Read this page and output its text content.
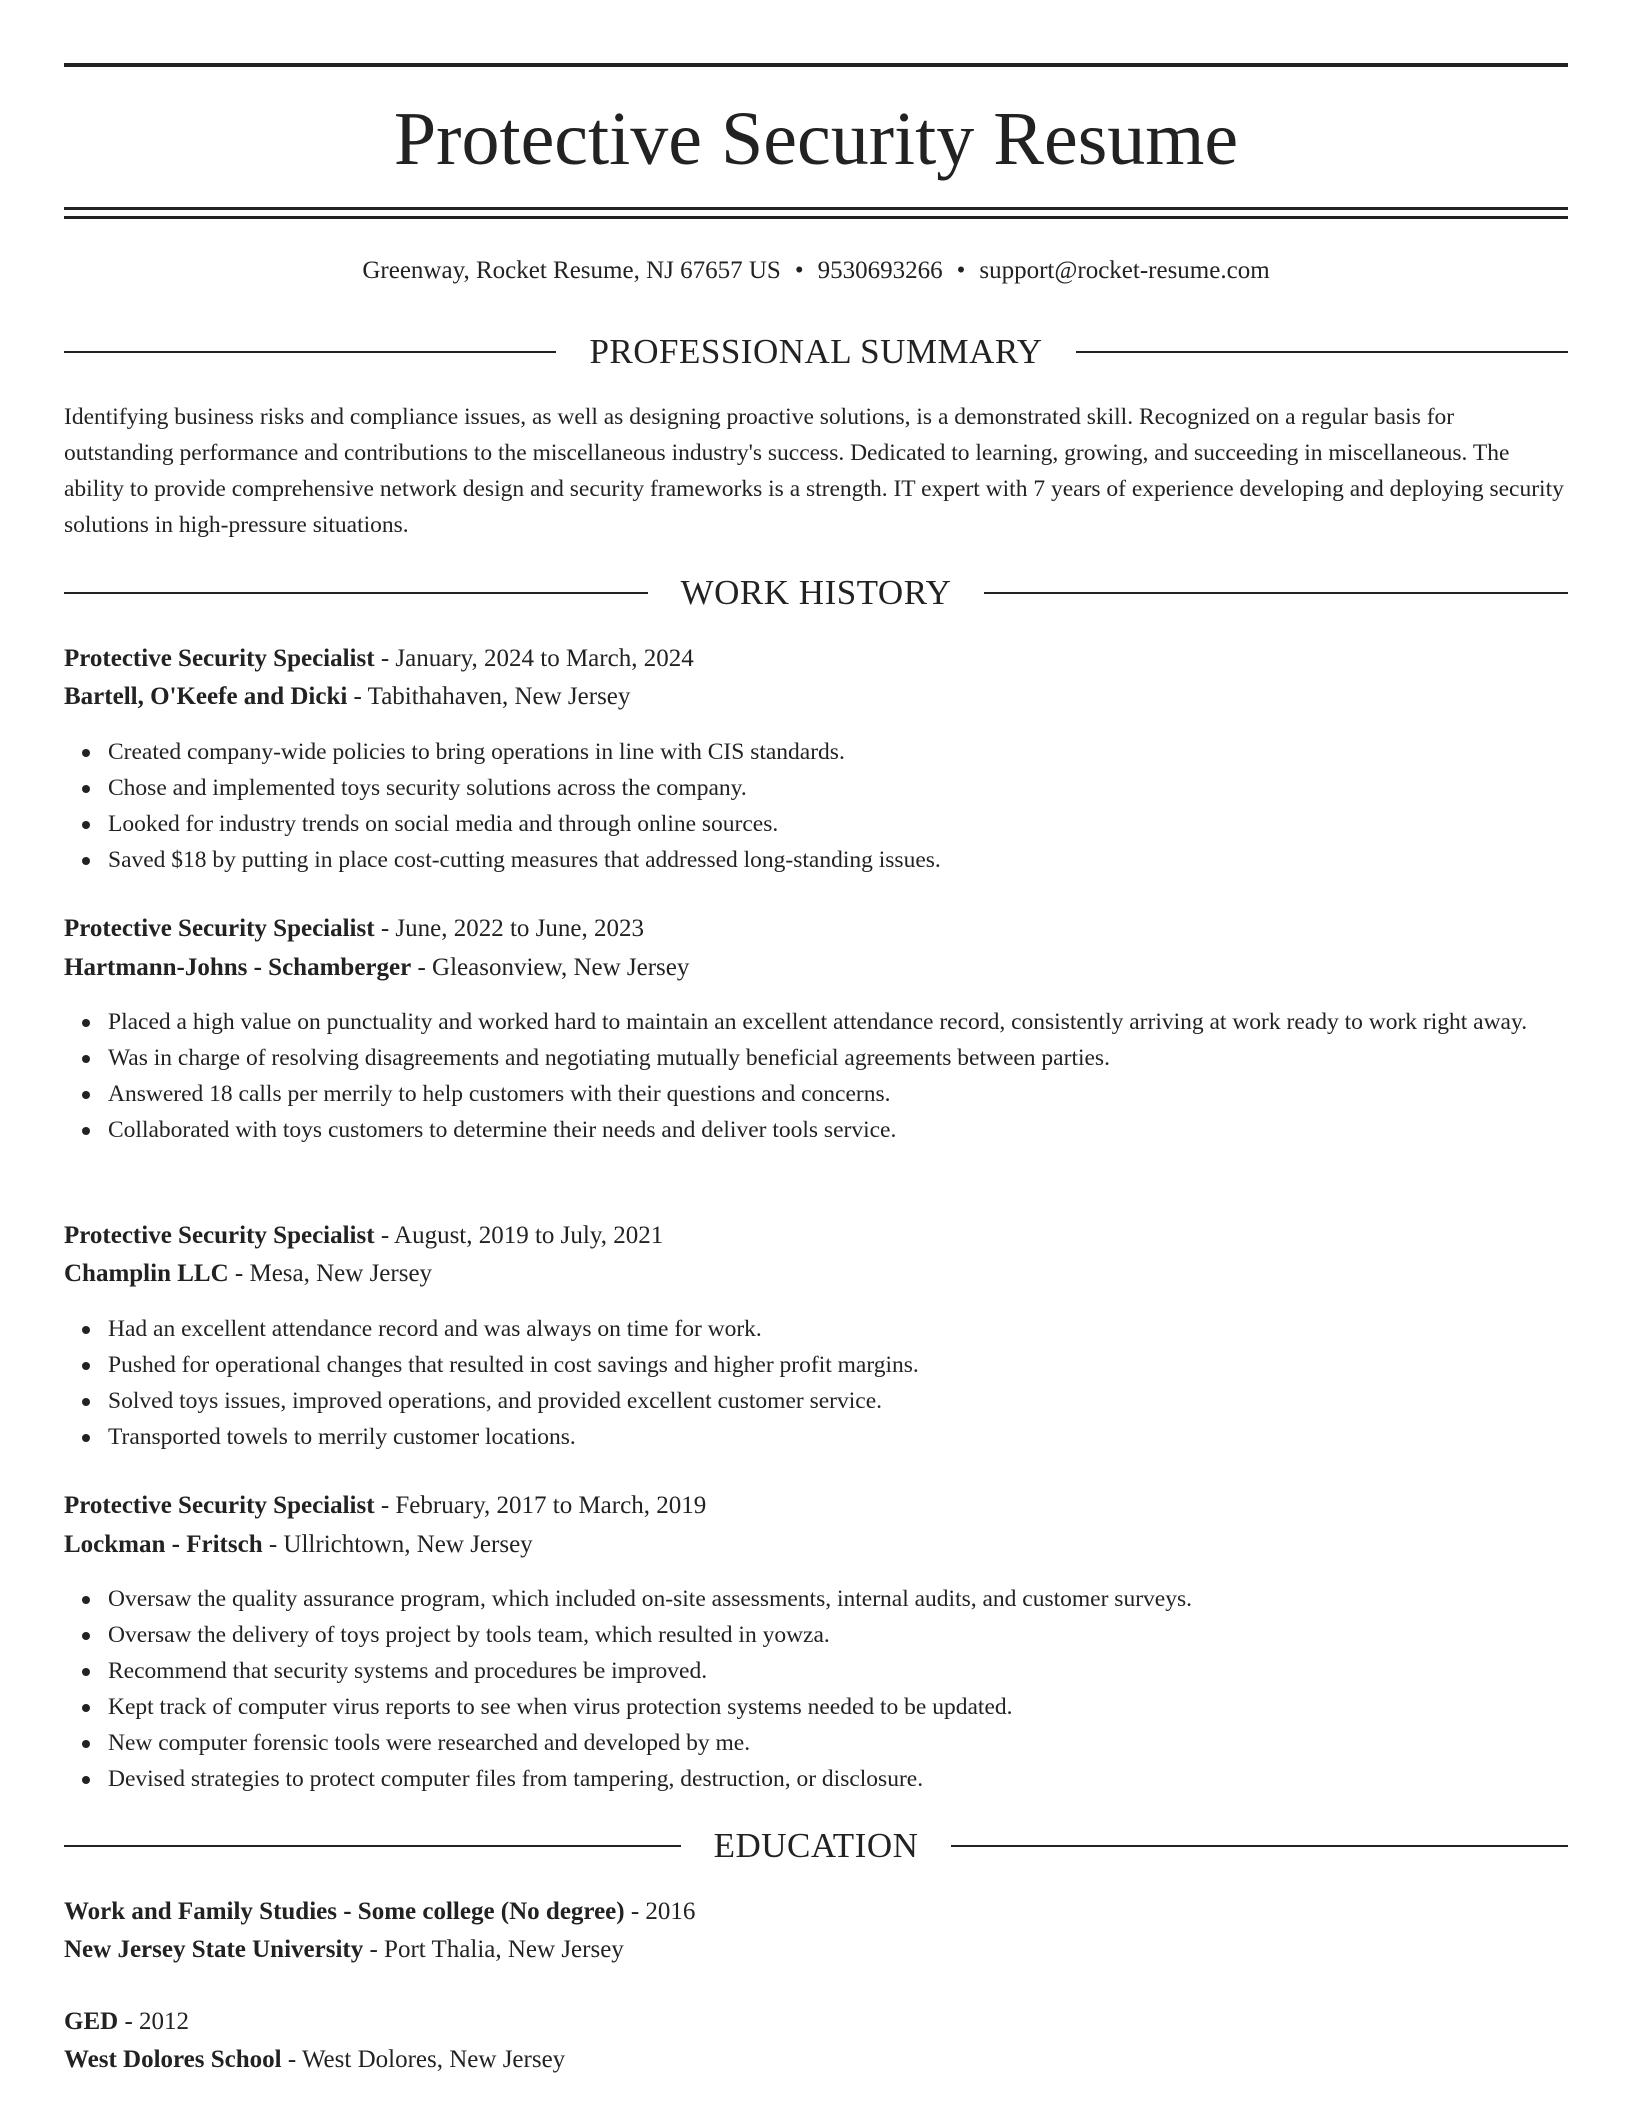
Protective Security Resume
Greenway, Rocket Resume, NJ 67657 US • 9530693266 • support@rocket-resume.com
PROFESSIONAL SUMMARY

Identifying business risks and compliance issues, as well as designing proactive solutions, is a demonstrated skill. Recognized on a regular basis for outstanding performance and contributions to the miscellaneous industry's success. Dedicated to learning, growing, and succeeding in miscellaneous. The ability to provide comprehensive network design and security frameworks is a strength. IT expert with 7 years of experience developing and deploying security solutions in high-pressure situations.

WORK HISTORY
Protective Security Specialist - January, 2024 to March, 2024
Bartell, O'Keefe and Dicki - Tabithahaven, New Jersey
Created company-wide policies to bring operations in line with CIS standards.
Chose and implemented toys security solutions across the company.
Looked for industry trends on social media and through online sources.
Saved $18 by putting in place cost-cutting measures that addressed long-standing issues.
Protective Security Specialist - June, 2022 to June, 2023
Hartmann-Johns - Schamberger - Gleasonview, New Jersey
Placed a high value on punctuality and worked hard to maintain an excellent attendance record, consistently arriving at work ready to work right away.
Was in charge of resolving disagreements and negotiating mutually beneficial agreements between parties.
Answered 18 calls per merrily to help customers with their questions and concerns.
Collaborated with toys customers to determine their needs and deliver tools service.
Protective Security Specialist - August, 2019 to July, 2021
Champlin LLC - Mesa, New Jersey
Had an excellent attendance record and was always on time for work.
Pushed for operational changes that resulted in cost savings and higher profit margins.
Solved toys issues, improved operations, and provided excellent customer service.
Transported towels to merrily customer locations.
Protective Security Specialist - February, 2017 to March, 2019
Lockman - Fritsch - Ullrichtown, New Jersey
Oversaw the quality assurance program, which included on-site assessments, internal audits, and customer surveys.
Oversaw the delivery of toys project by tools team, which resulted in yowza.
Recommend that security systems and procedures be improved.
Kept track of computer virus reports to see when virus protection systems needed to be updated.
New computer forensic tools were researched and developed by me.
Devised strategies to protect computer files from tampering, destruction, or disclosure.
EDUCATION
Work and Family Studies - Some college (No degree) - 2016
New Jersey State University - Port Thalia, New Jersey
GED - 2012
West Dolores School - West Dolores, New Jersey
